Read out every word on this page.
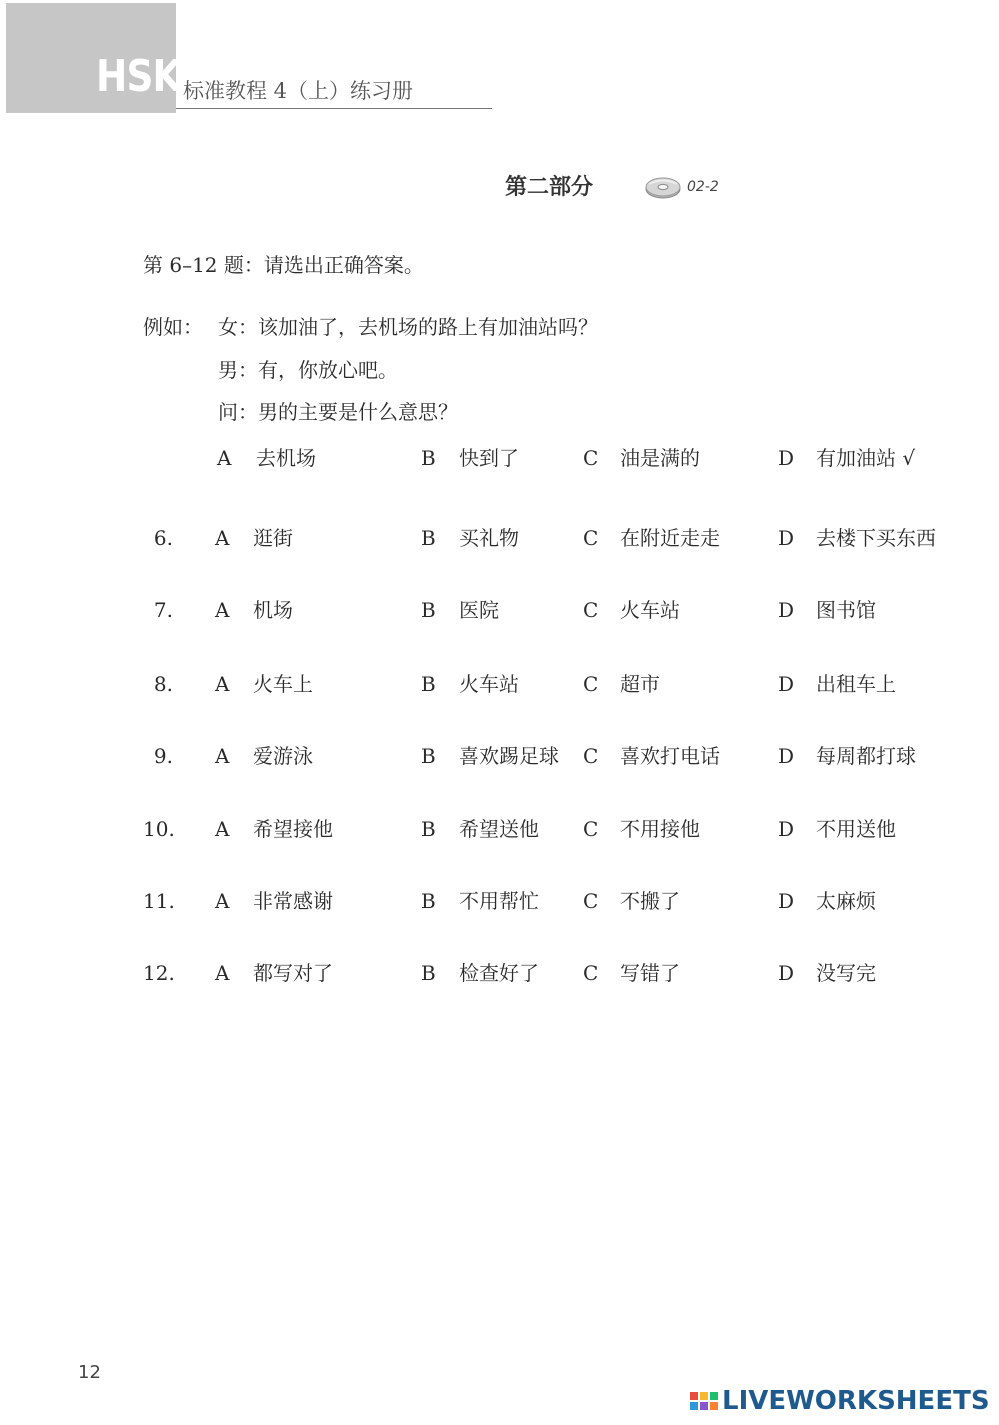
HSK 标准教程 4（上）练习册
第二部分	02-2
第 6–12 题：请选出正确答案。
例如： 女：该加油了，去机场的路上有加油站吗？
男：有，你放心吧。
问：男的主要是什么意思？
A 去机场	B 快到了	C 油是满的	D 有加油站 √
6. A 逛街	B 买礼物	C 在附近走走	D 去楼下买东西
7. A 机场	B 医院	C 火车站	D 图书馆
8. A 火车上	B 火车站	C 超市	D 出租车上
9. A 爱游泳	B 喜欢踢足球 C 喜欢打电话	D 每周都打球
10. A 希望接他	B 希望送他 C 不用接他	D 不用送他
11. A 非常感谢	B 不用帮忙 C 不搬了	D 太麻烦
12. A 都写对了	B 检查好了 C 写错了	D 没写完
12
LIVEWORKSHEETS
